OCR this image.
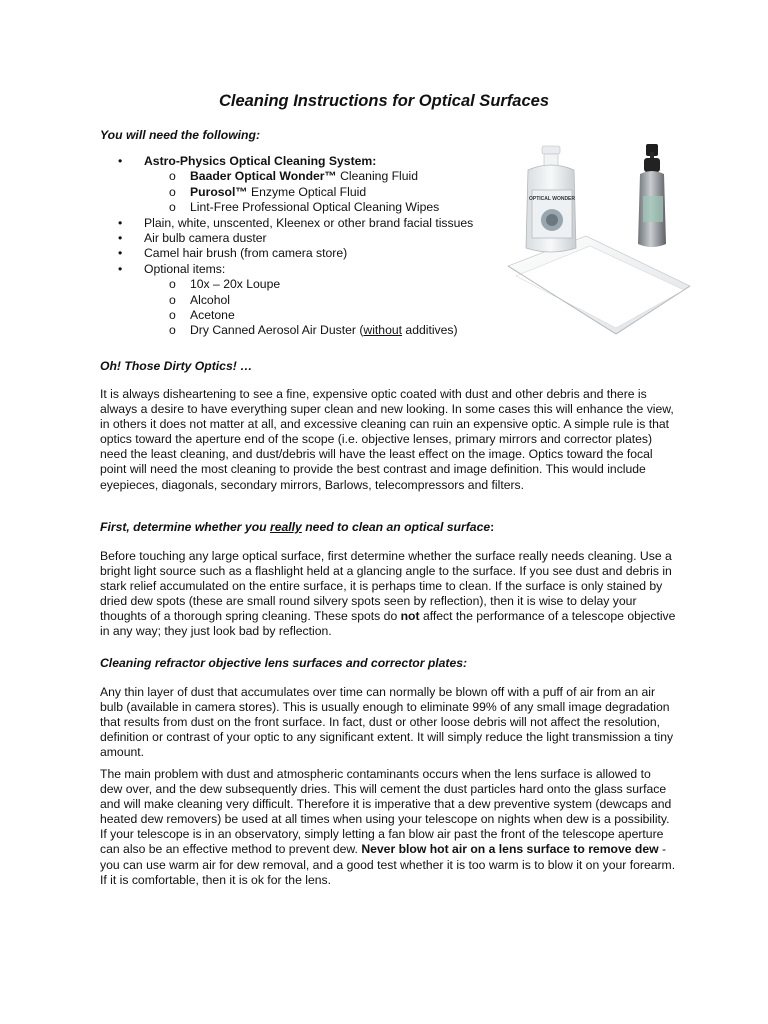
Cleaning Instructions for Optical Surfaces

You will need the following:

• Astro-Physics Optical Cleaning System:
o Baader Optical Wonder™ Cleaning Fluid
o Purosol™ Enzyme Optical Fluid
o Lint-Free Professional Optical Cleaning Wipes
• Plain, white, unscented, Kleenex or other brand facial tissues
• Air bulb camera duster
• Camel hair brush (from camera store)
• Optional items:
o 10x – 20x Loupe
o Alcohol
o Acetone
o Dry Canned Aerosol Air Duster (without additives)
OPTICAL WONDER

Oh! Those Dirty Optics! …

It is always disheartening to see a fine, expensive optic coated with dust and other debris and there is always a desire to have everything super clean and new looking. In some cases this will enhance the view, in others it does not matter at all, and excessive cleaning can ruin an expensive optic. A simple rule is that optics toward the aperture end of the scope (i.e. objective lenses, primary mirrors and corrector plates) need the least cleaning, and dust/debris will have the least effect on the image. Optics toward the focal point will need the most cleaning to provide the best contrast and image definition. This would include eyepieces, diagonals, secondary mirrors, Barlows, telecompressors and filters.

First, determine whether you really need to clean an optical surface:

Before touching any large optical surface, first determine whether the surface really needs cleaning. Use a bright light source such as a flashlight held at a glancing angle to the surface. If you see dust and debris in stark relief accumulated on the entire surface, it is perhaps time to clean. If the surface is only stained by dried dew spots (these are small round silvery spots seen by reflection), then it is wise to delay your thoughts of a thorough spring cleaning. These spots do not affect the performance of a telescope objective in any way; they just look bad by reflection.

Cleaning refractor objective lens surfaces and corrector plates:

Any thin layer of dust that accumulates over time can normally be blown off with a puff of air from an air bulb (available in camera stores). This is usually enough to eliminate 99% of any small image degradation that results from dust on the front surface. In fact, dust or other loose debris will not affect the resolution, definition or contrast of your optic to any significant extent. It will simply reduce the light transmission a tiny amount.

The main problem with dust and atmospheric contaminants occurs when the lens surface is allowed to dew over, and the dew subsequently dries. This will cement the dust particles hard onto the glass surface and will make cleaning very difficult. Therefore it is imperative that a dew preventive system (dewcaps and heated dew removers) be used at all times when using your telescope on nights when dew is a possibility. If your telescope is in an observatory, simply letting a fan blow air past the front of the telescope aperture can also be an effective method to prevent dew. Never blow hot air on a lens surface to remove dew - you can use warm air for dew removal, and a good test whether it is too warm is to blow it on your forearm. If it is comfortable, then it is ok for the lens.
